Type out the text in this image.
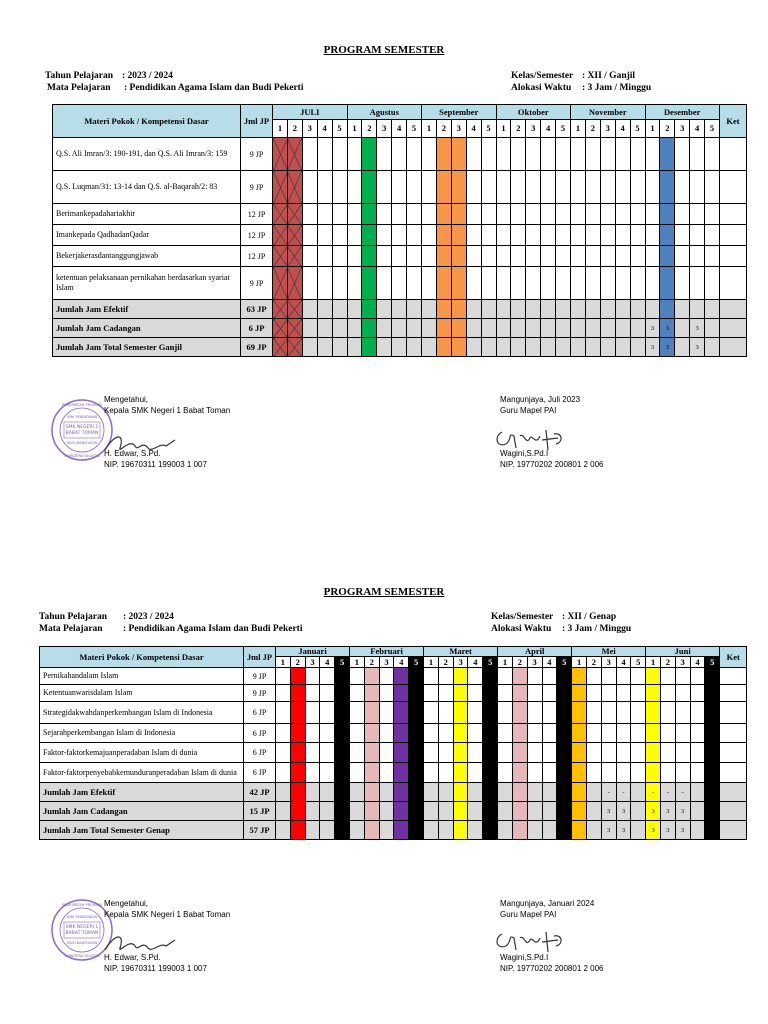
PROGRAM SEMESTER
Tahun Pelajaran : 2023 / 2024
Mata Pelajaran : Pendidikan Agama Islam dan Budi Pekerti
Kelas/Semester : XII / Ganjil
Alokasi Waktu : 3 Jam / Minggu
Materi Pokok / Kompetensi Dasar	Jml JP	JULI					Agustus					September					Oktober					November					Desember					Ket
		1	2	3	4	5	1	2	3	4	5	1	2	3	4	5	1	2	3	4	5	1	2	3	4	5	1	2	3	4	5	
Q.S. Ali Imran/3: 190-191, dan Q.S. Ali Imran/3: 159	9 JP																															
Q.S. Luqman/31: 13-14 dan Q.S. al-Baqarah/2: 83	9 JP																															
Berimankepadahariakhir	12 JP																															
Imankepada QadhadanQadar	12 JP																															
Bekerjakerasdantanggungjawab	12 JP																															
ketentuan pelaksanaan pernikahan berdasarkan syariat Islam	9 JP																															
Jumlah Jam Efektif	63 JP																															
Jumlah Jam Cadangan	6 JP																										3	3		3		
Jumlah Jam Total Semester Ganjil	69 JP																										3	3		3		
SMK NEGERI 1
BABAT TOMAN
SMK PENDIDIKAN
MUSI BANYUASIN
PEMERINTAH PROVINSI
SUMATERA SELATAN
Mengetahui,
Kepala SMK Negeri 1 Babat Toman
H. Edwar, S.Pd.
NIP. 19670311 199003 1 007
Mangunjaya, Juli 2023
Guru Mapel PAI
Wagini,S.Pd.I
NIP. 19770202 200801 2 006
PROGRAM SEMESTER
Tahun Pelajaran : 2023 / 2024
Mata Pelajaran : Pendidikan Agama Islam dan Budi Pekerti
Kelas/Semester : XII / Genap
Alokasi Waktu : 3 Jam / Minggu
Materi Pokok / Kompetensi Dasar	Jml JP	Januari					Februari					Maret					April					Mei					Juni					Ket
		1	2	3	4	5	1	2	3	4	5	1	2	3	4	5	1	2	3	4	5	1	2	3	4	5	1	2	3	4	5	
Pernikahandalam Islam	9 JP																															
Ketentuanwarisdalam Islam	9 JP																															
Strategidakwahdanperkembangan Islam di Indonesia	6 JP																															
Sejarahperkembangan Islam di Indonesia	6 JP																															
Faktor-faktorkemajuanperadaban Islam di dunia	6 JP																															
Faktor-faktorpenyebabkemunduranperadaban Islam di dunia	6 JP																															
Jumlah Jam Efektif	42 JP																							-	-		-	-	-			
Jumlah Jam Cadangan	15 JP																							3	3		3	3	3			
Jumlah Jam Total Semester Genap	57 JP																							3	3		3	3	3			
SMK NEGERI 1
BABAT TOMAN
SMK PENDIDIKAN
MUSI BANYUASIN
PEMERINTAH PROVINSI
SUMATERA SELATAN
Mengetahui,
Kepala SMK Negeri 1 Babat Toman
H. Edwar, S.Pd.
NIP. 19670311 199003 1 007
Mangunjaya, Januari 2024
Guru Mapel PAI
Wagini,S.Pd.I
NIP. 19770202 200801 2 006
